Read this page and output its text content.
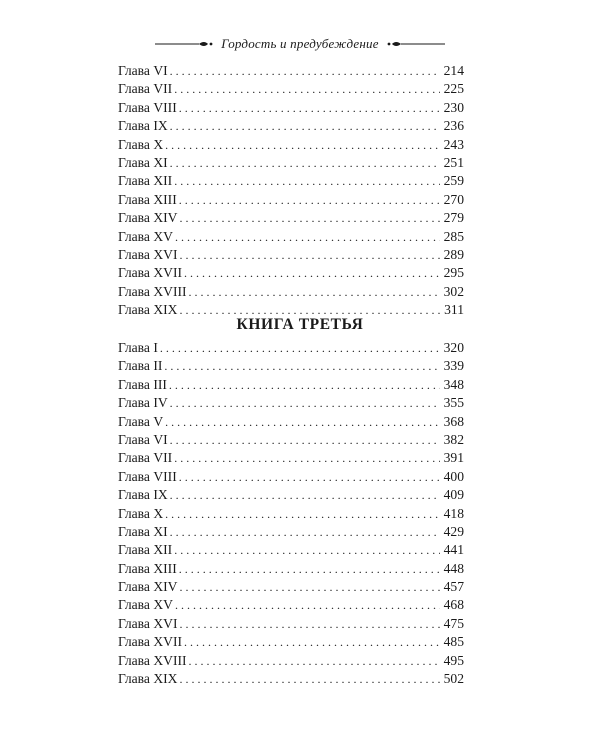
Гордость и предубеждение
Глава VI . . .	214
Глава VII . . .	225
Глава VIII . . .	230
Глава IX . . .	236
Глава X . . .	243
Глава XI . . .	251
Глава XII . . .	259
Глава XIII . . .	270
Глава XIV . . .	279
Глава XV . . .	285
Глава XVI . . .	289
Глава XVII . . .	295
Глава XVIII . . .	302
Глава XIX . . .	311
КНИГА ТРЕТЬЯ
Глава I . . .	320
Глава II . . .	339
Глава III . . .	348
Глава IV . . .	355
Глава V . . .	368
Глава VI . . .	382
Глава VII . . .	391
Глава VIII . . .	400
Глава IX . . .	409
Глава X . . .	418
Глава XI . . .	429
Глава XII . . .	441
Глава XIII . . .	448
Глава XIV . . .	457
Глава XV . . .	468
Глава XVI . . .	475
Глава XVII . . .	485
Глава XVIII . . .	495
Глава XIX . . .	502
